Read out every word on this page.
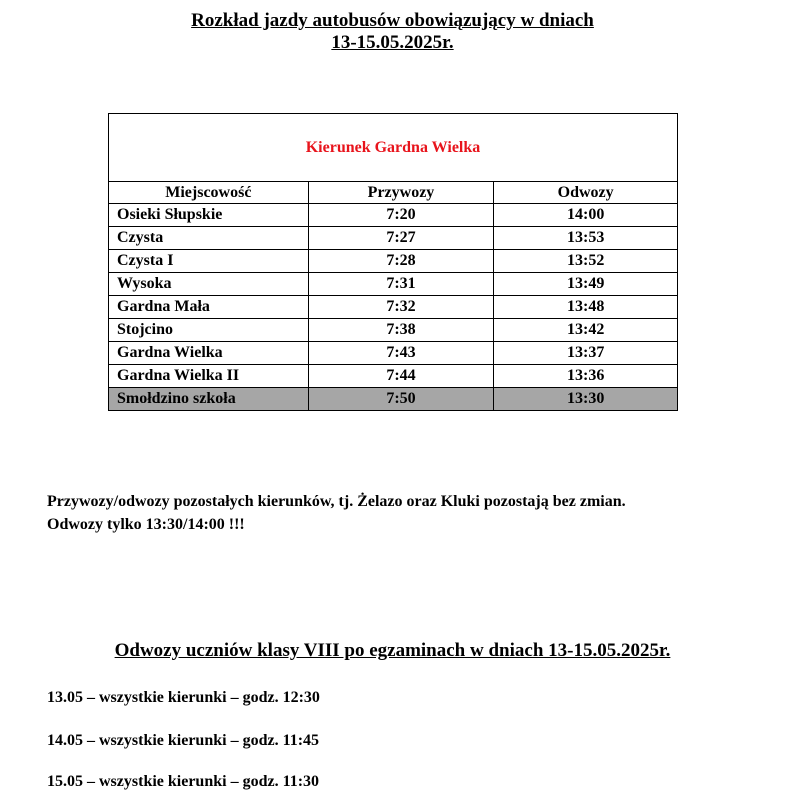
Rozkład jazdy autobusów obowiązujący w dniach
13-15.05.2025r.
Kierunek Gardna Wielka		
Miejscowość	Przywozy	Odwozy
Osieki Słupskie	7:20	14:00
Czysta	7:27	13:53
Czysta I	7:28	13:52
Wysoka	7:31	13:49
Gardna Mała	7:32	13:48
Stojcino	7:38	13:42
Gardna Wielka	7:43	13:37
Gardna Wielka II	7:44	13:36
Smołdzino szkoła	7:50	13:30
Przywozy/odwozy pozostałych kierunków, tj. Żelazo oraz Kluki pozostają bez zmian.
Odwozy tylko 13:30/14:00 !!!
Odwozy uczniów klasy VIII po egzaminach w dniach 13-15.05.2025r.
13.05 – wszystkie kierunki – godz. 12:30
14.05 – wszystkie kierunki – godz. 11:45
15.05 – wszystkie kierunki – godz. 11:30
